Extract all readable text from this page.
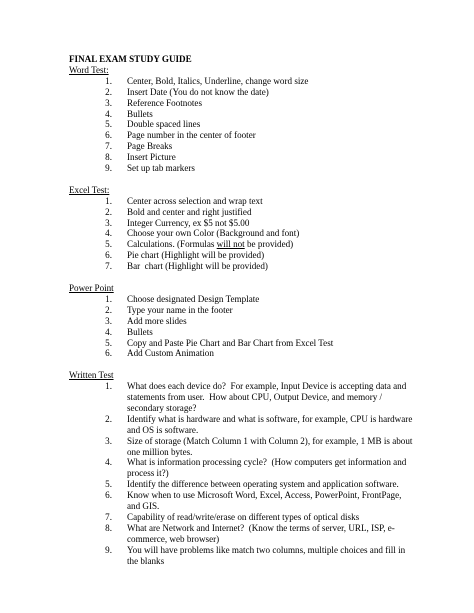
FINAL EXAM STUDY GUIDE
Word Test:
1. Center, Bold, Italics, Underline, change word size
2. Insert Date (You do not know the date)
3. Reference Footnotes
4. Bullets
5. Double spaced lines
6. Page number in the center of footer
7. Page Breaks
8. Insert Picture
9. Set up tab markers
Excel Test:
1. Center across selection and wrap text
2. Bold and center and right justified
3. Integer Currency, ex $5 not $5.00
4. Choose your own Color (Background and font)
5. Calculations. (Formulas will not be provided)
6. Pie chart (Highlight will be provided)
7. Bar  chart (Highlight will be provided)
Power Point
1. Choose designated Design Template
2. Type your name in the footer
3. Add more slides
4. Bullets
5. Copy and Paste Pie Chart and Bar Chart from Excel Test
6. Add Custom Animation
Written Test
1. What does each device do?  For example, Input Device is accepting data and
statements from user.  How about CPU, Output Device, and memory /
secondary storage?
2. Identify what is hardware and what is software, for example, CPU is hardware
and OS is software.
3. Size of storage (Match Column 1 with Column 2), for example, 1 MB is about
one million bytes.
4. What is information processing cycle?  (How computers get information and
process it?)
5. Identify the difference between operating system and application software.
6. Know when to use Microsoft Word, Excel, Access, PowerPoint, FrontPage,
and GIS.
7. Capability of read/write/erase on different types of optical disks
8. What are Network and Internet?  (Know the terms of server, URL, ISP, e-
commerce, web browser)
9. You will have problems like match two columns, multiple choices and fill in
the blanks
